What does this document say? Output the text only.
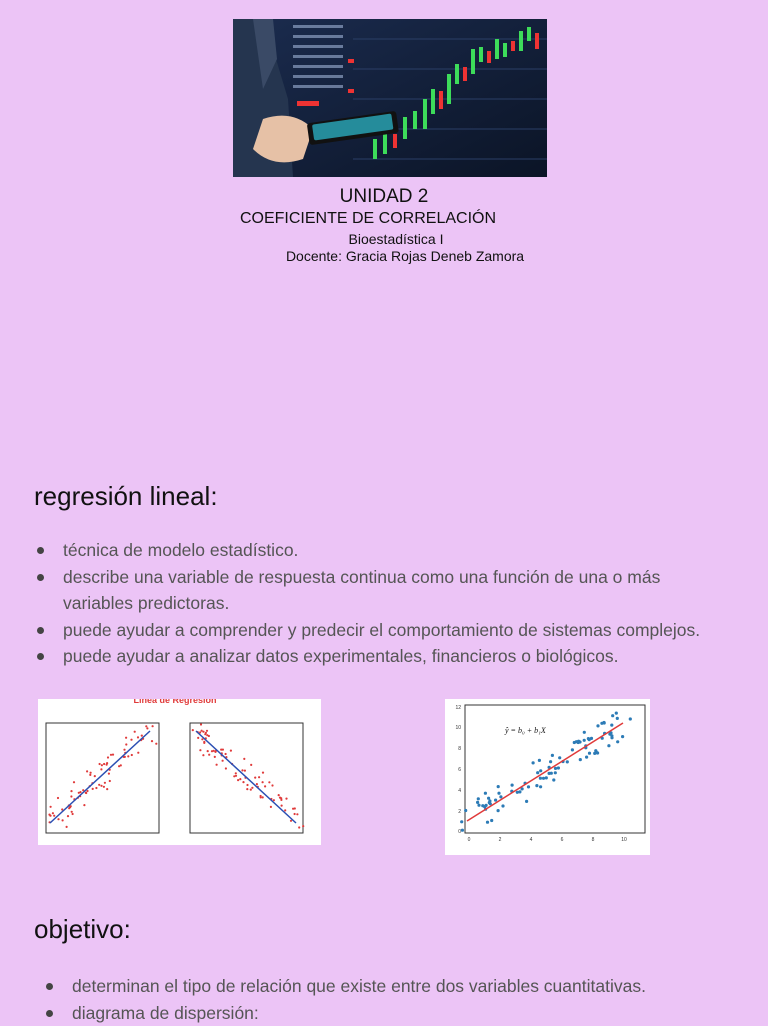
UNIDAD 2
COEFICIENTE DE CORRELACIÓN
Bioestadística I
Docente: Gracia Rojas Deneb Zamora
regresión lineal:
técnica de modelo estadístico.
describe una variable de respuesta continua como una función de una o más variables predictoras.
puede ayudar a comprender y predecir el comportamiento de sistemas complejos.
puede ayudar a analizar datos experimentales, financieros o biológicos.
Línea de Regresión
12
10
8
6
4
2
0
0	2	4	6	8	10
ŷ = b₀ + b₁X
objetivo:
determinan el tipo de relación que existe entre dos variables cuantitativas.
diagrama de dispersión:
